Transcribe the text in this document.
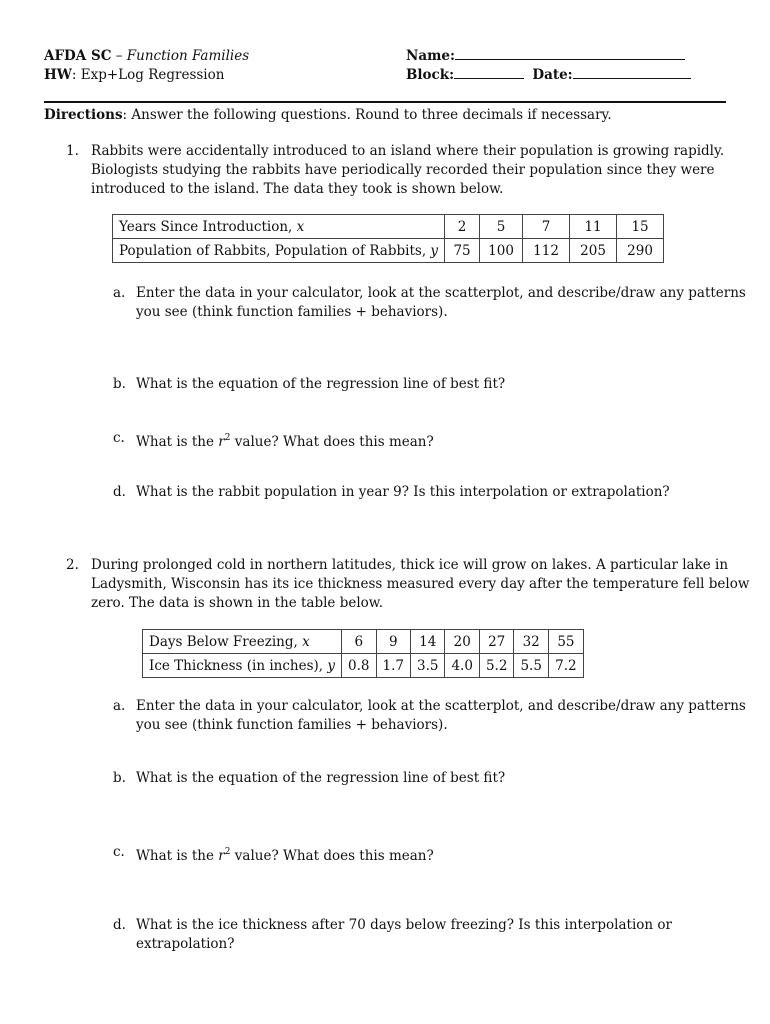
AFDA SC – Function Families
HW: Exp+Log Regression
Name:
Block:	Date:
Directions: Answer the following questions. Round to three decimals if necessary.
1. Rabbits were accidentally introduced to an island where their population is growing rapidly.

Biologists studying the rabbits have periodically recorded their population since they were

introduced to the island. The data they took is shown below.

Years Since Introduction, x	2	5	7	11	15
Population of Rabbits, Population of Rabbits, y	75	100	112	205	290
a. Enter the data in your calculator, look at the scatterplot, and describe/draw any patterns

you see (think function families + behaviors).

b. What is the equation of the regression line of best fit?
c. What is the $r^2$ value? What does this mean?
d. What is the rabbit population in year 9? Is this interpolation or extrapolation?
2. During prolonged cold in northern latitudes, thick ice will grow on lakes. A particular lake in

Ladysmith, Wisconsin has its ice thickness measured every day after the temperature fell below

zero. The data is shown in the table below.

Days Below Freezing, x	6	9	14	20	27	32	55
Ice Thickness (in inches), y	0.8	1.7	3.5	4.0	5.2	5.5	7.2
a. Enter the data in your calculator, look at the scatterplot, and describe/draw any patterns

you see (think function families + behaviors).

b. What is the equation of the regression line of best fit?
c. What is the $r^2$ value? What does this mean?
d. What is the ice thickness after 70 days below freezing? Is this interpolation or

extrapolation?
